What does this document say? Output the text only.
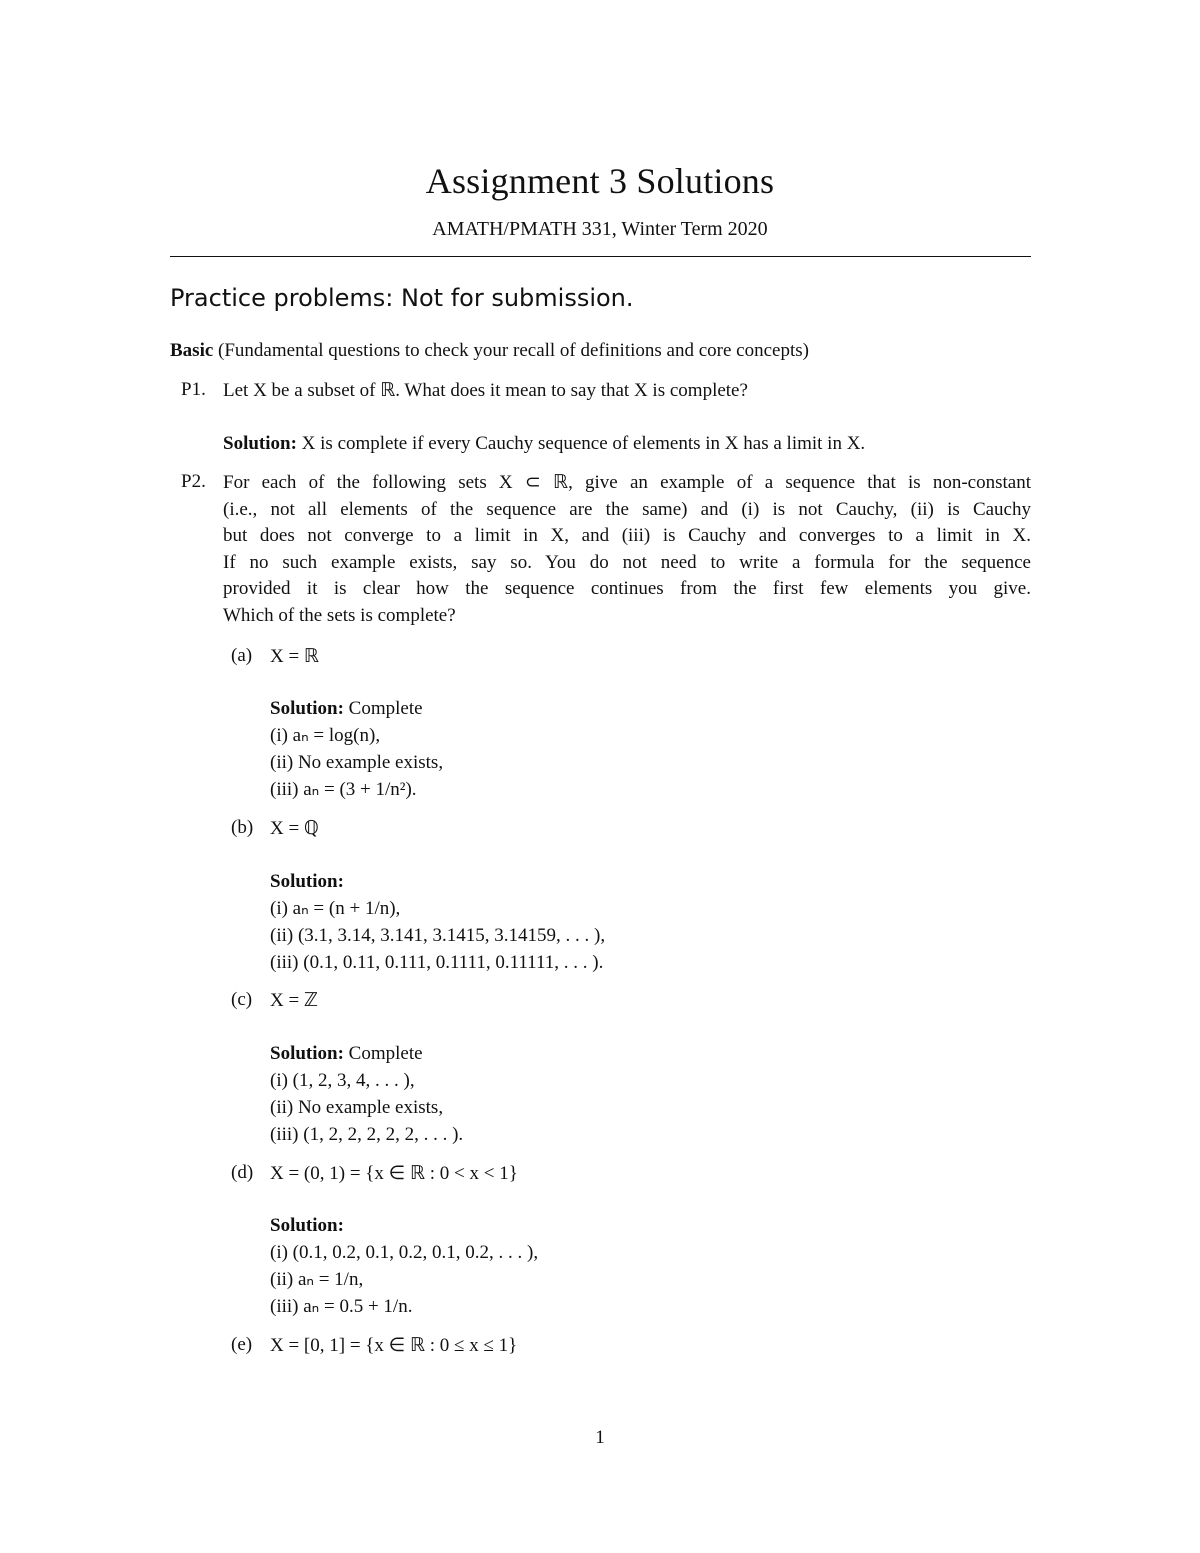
Assignment 3 Solutions
AMATH/PMATH 331, Winter Term 2020
Practice problems: Not for submission.
Basic (Fundamental questions to check your recall of definitions and core concepts)
P1. Let X be a subset of ℝ. What does it mean to say that X is complete?
Solution: X is complete if every Cauchy sequence of elements in X has a limit in X.
P2. For each of the following sets X ⊂ ℝ, give an example of a sequence that is non-constant
(i.e., not all elements of the sequence are the same) and (i) is not Cauchy, (ii) is Cauchy
but does not converge to a limit in X, and (iii) is Cauchy and converges to a limit in X.
If no such example exists, say so. You do not need to write a formula for the sequence
provided it is clear how the sequence continues from the first few elements you give.
Which of the sets is complete?
(a) X = ℝ
Solution: Complete
(i) aₙ = log(n),
(ii) No example exists,
(iii) aₙ = (3 + 1/n²).
(b) X = ℚ
Solution:
(i) aₙ = (n + 1/n),
(ii) (3.1, 3.14, 3.141, 3.1415, 3.14159, . . . ),
(iii) (0.1, 0.11, 0.111, 0.1111, 0.11111, . . . ).
(c) X = ℤ
Solution: Complete
(i) (1, 2, 3, 4, . . . ),
(ii) No example exists,
(iii) (1, 2, 2, 2, 2, 2, . . . ).
(d) X = (0, 1) = {x ∈ ℝ : 0 < x < 1}
Solution:
(i) (0.1, 0.2, 0.1, 0.2, 0.1, 0.2, . . . ),
(ii) aₙ = 1/n,
(iii) aₙ = 0.5 + 1/n.
(e) X = [0, 1] = {x ∈ ℝ : 0 ≤ x ≤ 1}
1
